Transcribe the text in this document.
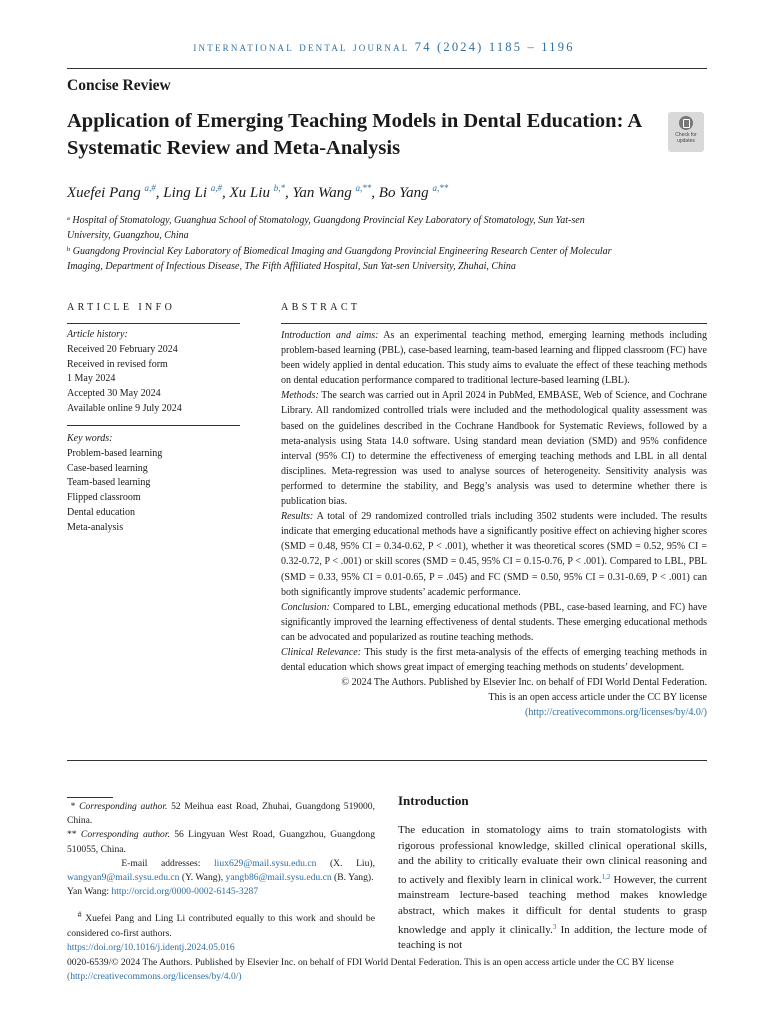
international dental journal 74 (2024) 1185 – 1196
Concise Review
Application of Emerging Teaching Models in Dental Education: A Systematic Review and Meta-Analysis
Check for
updates
Xuefei Pang $^{a,\#}$, Ling Li $^{a,\#}$, Xu Liu $^{b,*}$, Yan Wang $^{a,**}$, Bo Yang $^{a,**}$
$^a$ Hospital of Stomatology, Guanghua School of Stomatology, Guangdong Provincial Key Laboratory of Stomatology, Sun Yat-sen University, Guangzhou, China
$^b$ Guangdong Provincial Key Laboratory of Biomedical Imaging and Guangdong Provincial Engineering Research Center of Molecular Imaging, Department of Infectious Disease, The Fifth Affiliated Hospital, Sun Yat-sen University, Zhuhai, China
ARTICLE INFO
Article history:
Received 20 February 2024
Received in revised form
1 May 2024
Accepted 30 May 2024
Available online 9 July 2024
Key words:
Problem-based learning
Case-based learning
Team-based learning
Flipped classroom
Dental education
Meta-analysis
ABSTRACT

Introduction and aims: As an experimental teaching method, emerging learning methods including problem-based learning (PBL), case-based learning, team-based learning and flipped classroom (FC) have been widely applied in dental education. This study aims to evaluate the effect of these teaching methods on dental education performance compared to traditional lecture-based learning (LBL).

Methods: The search was carried out in April 2024 in PubMed, EMBASE, Web of Science, and Cochrane Library. All randomized controlled trials were included and the methodological quality assessment was based on the guidelines described in the Cochrane Handbook for Systematic Reviews, followed by a meta-analysis using Stata 14.0 software. Using standard mean deviation (SMD) and 95% confidence interval (95% CI) to determine the effectiveness of emerging teaching methods and LBL in all dental disciplines. Meta-regression was used to analyse sources of heterogeneity. Sensitivity analysis was performed to determine the stability, and Begg’s analysis was used to determine whether there is publication bias.

Results: A total of 29 randomized controlled trials including 3502 students were included. The results indicate that emerging educational methods have a significantly positive effect on achieving higher scores (SMD = 0.48, 95% CI = 0.34-0.62, P < .001), whether it was theoretical scores (SMD = 0.52, 95% CI = 0.32-0.72, P < .001) or skill scores (SMD = 0.45, 95% CI = 0.15-0.76, P < .001). Compared to LBL, PBL (SMD = 0.33, 95% CI = 0.01-0.65, P = .045) and FC (SMD = 0.50, 95% CI = 0.31-0.69, P < .001) can both significantly improve students’ academic performance.

Conclusion: Compared to LBL, emerging educational methods (PBL, case-based learning, and FC) have significantly improved the learning effectiveness of dental students. These emerging educational methods can be advocated and popularized as routine teaching methods.

Clinical Relevance: This study is the first meta-analysis of the effects of emerging teaching methods in dental education which shows great impact of emerging teaching methods on students’ development.

© 2024 The Authors. Published by Elsevier Inc. on behalf of FDI World Dental Federation.

This is an open access article under the CC BY license

(http://creativecommons.org/licenses/by/4.0/)

* Corresponding author. 52 Meihua east Road, Zhuhai, Guangdong 519000, China.

** Corresponding author. 56 Lingyuan West Road, Guangzhou, Guangdong 510055, China.

E-mail addresses: liux629@mail.sysu.edu.cn (X. Liu), wangyan9@mail.sysu.edu.cn (Y. Wang), yangb86@mail.sysu.edu.cn (B. Yang).

Yan Wang: http://orcid.org/0000-0002-6145-3287

# Xuefei Pang and Ling Li contributed equally to this work and should be considered co-first authors.

Introduction
The education in stomatology aims to train stomatologists with rigorous professional knowledge, skilled clinical operational skills, and the ability to critically evaluate their own clinical reasoning and to actively and flexibly learn in clinical work.$^{1,2}$ However, the current mainstream lecture-based teaching method makes knowledge abstract, which makes it difficult for dental students to grasp knowledge and apply it clinically.$^3$ In addition, the lecture mode of teaching is not
https://doi.org/10.1016/j.identj.2024.05.016
0020-6539/© 2024 The Authors. Published by Elsevier Inc. on behalf of FDI World Dental Federation. This is an open access article under the CC BY license (http://creativecommons.org/licenses/by/4.0/)
